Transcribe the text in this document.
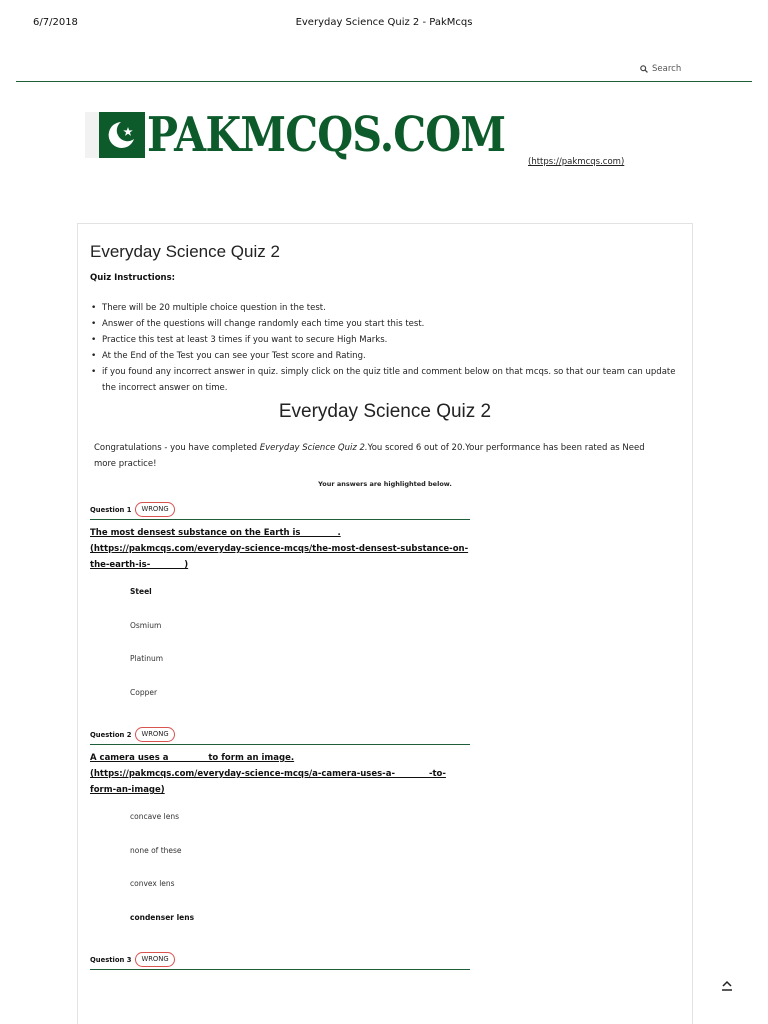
6/7/2018	Everyday Science Quiz 2 - PakMcqs
Search
PAKMCQS.COM	(https://pakmcqs.com)
Everyday Science Quiz 2
Quiz Instructions:
• There will be 20 multiple choice question in the test.
• Answer of the questions will change randomly each time you start this test.
• Practice this test at least 3 times if you want to secure High Marks.
• At the End of the Test you can see your Test score and Rating.
• if you found any incorrect answer in quiz. simply click on the quiz title and comment below on that mcqs. so that our team can update the incorrect answer on time.
Everyday Science Quiz 2
Congratulations - you have completed Everyday Science Quiz 2.You scored 6 out of 20.Your performance has been rated as Need more practice!
Your answers are highlighted below.
Question 1	WRONG
The most densest substance on the Earth is ________.
(https://pakmcqs.com/everyday-science-mcqs/the-most-densest-substance-on-the-earth-is-________)
Steel
Osmium
Platinum
Copper
Question 2	WRONG
A camera uses a ________ to form an image.
(https://pakmcqs.com/everyday-science-mcqs/a-camera-uses-a-________-to-form-an-image)
concave lens
none of these
convex lens
condenser lens
Question 3	WRONG
